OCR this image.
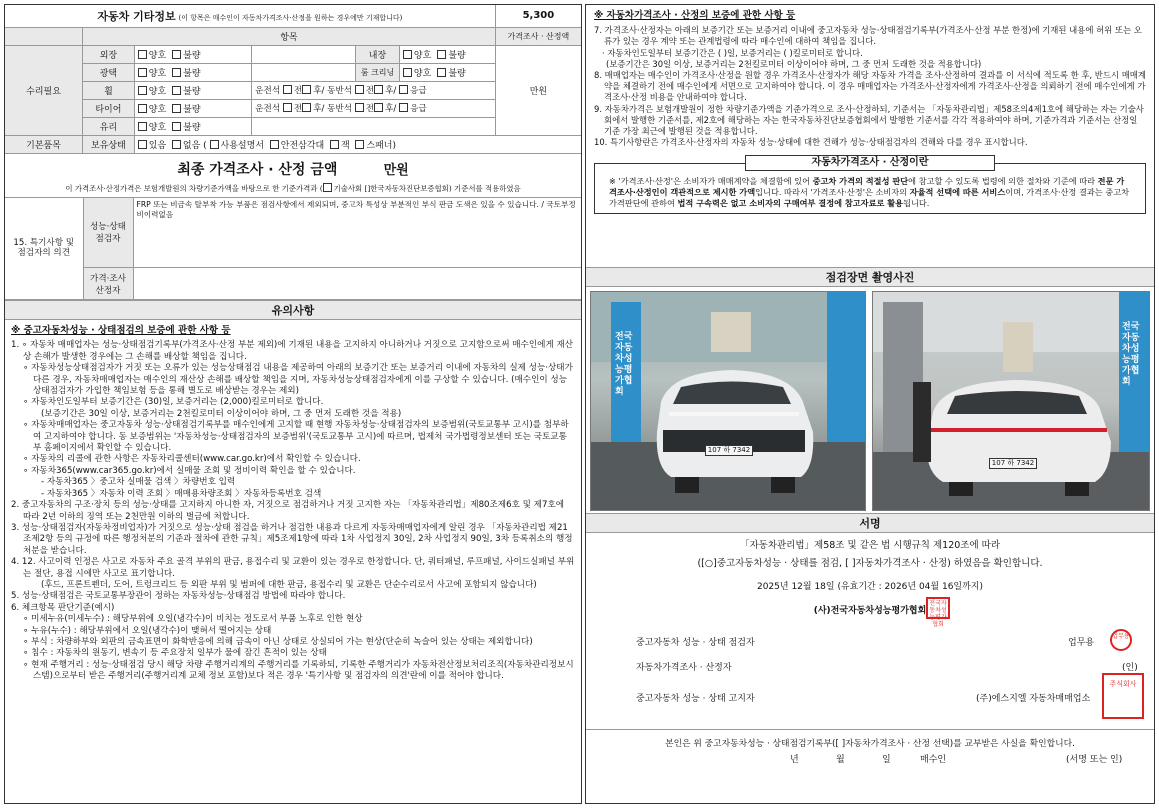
자동차 기타정보 (이 항목은 매수인이 자동차가격조사·산정을 원하는 경우에만 기재합니다)						5,300
	항목					가격조사 · 산정액
수리필요	외장	양호 불량		내장	양호 불량	만원
	광택	양호 불량		룸 크리닝	양호 불량	
	휠	양호 불량	운전석 전 후/ 동반석 전 후/ 응급			
	타이어	양호 불량	운전석 전 후/ 동반석 전 후/ 응급			
	유리	양호 불량				
기본품목	보유상태	있음 없음 ( 사용설명서 안전삼각대 잭 스패너)				
최종 가격조사 · 산정 금액	만원
이 가격조사·산정가격은 보험개발원의 차량기준가액을 바탕으로 한 기준가격과 ( 기술사회 []한국자동차진단보증협회) 기준서를 적용하였음
15. 특기사항 및 점검자의 의견	성능·상태 점검자	FRP 또는 비금속 탈부착 가능 부품은 점검사항에서 제외되며, 중고차 특성상 부분적인 부식 판금 도색은 있을 수 있습니다. / 국토부정비이력없음
	가격·조사 산정자	
유의사항
※ 중고자동차성능 · 상태점검의 보증에 관한 사항 등

1. ∘ 자동차 매매업자는 성능·상태점검기록부(가격조사·산정 부분 제외)에 기재된 내용을 고지하지 아니하거나 거짓으로 고지함으로써 매수인에게 재산상 손해가 발생한 경우에는 그 손해를 배상할 책임을 집니다.

∘ 자동차성능상태점검자가 거짓 또는 오류가 있는 성능상태점검 내용을 제공하여 아래의 보증기간 또는 보증거리 이내에 자동차의 실제 성능·상태가 다른 경우, 자동차매매업자는 매수인의 재산상 손해를 배상할 책임을 지며, 자동차성능상태점검자에게 이를 구상할 수 있습니다. (매수인이 성능상태점검자가 가입한 책임보험 등을 통해 별도로 배상받는 경우는 제외)

∘ 자동차인도일부터 보증기간은 (30)일, 보증거리는 (2,000)킬로미터로 합니다.

(보증기간은 30일 이상, 보증거리는 2천킬로미터 이상이어야 하며, 그 중 먼저 도래한 것을 적용)

∘ 자동차매매업자는 중고자동차 성능·상태점검기록부를 매수인에게 고지할 때 현행 자동차성능·상태점검자의 보증범위(국토교통부 고시)를 첨부하여 고지하여야 합니다. 동 보증범위는 '자동차성능·상태점검자의 보증범위'(국토교통부 고시)에 따르며, 법제처 국가법령정보센터 또는 국토교통부 홈페이지에서 확인할 수 있습니다.

∘ 자동차의 리콜에 관한 사항은 자동차리콜센터(www.car.go.kr)에서 확인할 수 있습니다.

∘ 자동차365(www.car365.go.kr)에서 실매물 조회 및 정비이력 확인을 할 수 있습니다.

- 자동차365 〉중고차 실매물 검색 〉차량번호 입력

- 자동차365 〉자동차 이력 조회 〉매매용차량조회 〉자동차등록번호 검색

2. 중고자동차의 구조·장치 등의 성능·상태를 고지하지 아니한 자, 거짓으로 점검하거나 거짓 고지한 자는 「자동차관리법」제80조제6호 및 제7호에 따라 2년 이하의 징역 또는 2천만원 이하의 벌금에 처합니다.

3. 성능·상태점검자(자동차정비업자)가 거짓으로 성능·상태 점검을 하거나 점검한 내용과 다르게 자동차매매업자에게 알린 경우 「자동차관리법 제21조제2항 등의 규정에 따른 행정처분의 기준과 절차에 관한 규칙」제5조제1항에 따라 1차 사업정지 30일, 2차 사업정지 90일, 3차 등록취소의 행정처분을 받습니다.

4. 12. 사고이력 인정은 사고로 자동차 주요 골격 부위의 판금, 용접수리 및 교환이 있는 경우로 한정합니다. 단, 쿼터패널, 루프패널, 사이드실패널 부위는 절단, 용접 시에만 사고로 표기합니다.

(후드, 프론트펜더, 도어, 트렁크리드 등 외판 부위 및 범퍼에 대한 판금, 용접수리 및 교환은 단순수리로서 사고에 포함되지 않습니다)

5. 성능·상태점검은 국토교통부장관이 정하는 자동차성능·상태점검 방법에 따라야 합니다.

6. 체크항목 판단기준(예시)

∘ 미세누유(미세누수) : 해당부위에 오일(냉각수)이 비치는 정도로서 부품 노후로 인한 현상

∘ 누유(누수) : 해당부위에서 오일(냉각수)이 맺혀서 떨어지는 상태

∘ 부식 : 차량하부와 외판의 금속표면이 화학반응에 의해 금속이 아닌 상태로 상실되어 가는 현상(단순히 녹슬어 있는 상태는 제외합니다)

∘ 침수 : 자동차의 원동기, 변속기 등 주요장치 일부가 물에 잠긴 흔적이 있는 상태

∘ 현재 주행거리 : 성능·상태점검 당시 해당 차량 주행거리계의 주행거리를 기록하되, 기록한 주행거리가 자동차전산정보처리조직(자동차관리정보시스템)으로부터 받은 주행거리(주행거리계 교체 정보 포함)보다 적은 경우 '특기사항 및 점검자의 의견'란에 이를 적어야 합니다.

※ 자동차가격조사 · 산정의 보증에 관한 사항 등

7. 가격조사·산정자는 아래의 보증기간 또는 보증거리 이내에 중고자동차 성능·상태점검기록부(가격조사·산정 부분 한정)에 기재된 내용에 허위 또는 오류가 있는 경우 계약 또는 관계법령에 따라 매수인에 대하여 책임을 집니다.

· 자동차인도일부터 보증기간은 ( )일, 보증거리는 ( )킬로미터로 합니다.

(보증기간은 30일 이상, 보증거리는 2천킬로미터 이상이어야 하며, 그 중 먼저 도래한 것을 적용합니다)

8. 매매업자는 매수인이 가격조사·산정을 원할 경우 가격조사·산정자가 해당 자동차 가격을 조사·산정하여 결과를 이 서식에 적도록 한 후, 반드시 매매계약을 체결하기 전에 매수인에게 서면으로 고지하여야 합니다. 이 경우 매매업자는 가격조사·산정자에게 가격조사·산정을 의뢰하기 전에 매수인에게 가격조사·산정 비용을 안내하여야 합니다.

9. 자동차가격은 보험개발원이 정한 차량기준가액을 기준가격으로 조사·산정하되, 기준서는 「자동차관리법」제58조의4제1호에 해당하는 자는 기술사회에서 발행한 기준서를, 제2호에 해당하는 자는 한국자동차진단보증협회에서 발행한 기준서를 각각 적용하여야 하며, 기준가격과 기준서는 산정일 기준 가장 최근에 발행된 것을 적용합니다.

10. 특기사항란은 가격조사·산정자의 자동차 성능·상태에 대한 견해가 성능·상태점검자의 견해와 다를 경우 표시합니다.

자동차가격조사 · 산정이란
※ '가격조사·산정'은 소비자가 매매계약을 체결함에 있어 중고차 가격의 적절성 판단에 참고할 수 있도록 법령에 의한 절차와 기준에 따라 전문 가격조사·산정인이 객관적으로 제시한 가액입니다. 따라서 '가격조사·산정'은 소비자의 자율적 선택에 따른 서비스이며, 가격조사·산정 결과는 중고차 가격판단에 관하여 법적 구속력은 없고 소비자의 구매여부 결정에 참고자료로 활용됩니다.
점검장면 촬영사진
107 하 7342
전국자동차성능평가협회
107 하 7342
전국자동차성능평가협회
서명
「자동차관리법」제58조 및 같은 법 시행규칙 제120조에 따라
([○]중고자동차성능 · 상태를 점검, [ ]자동차가격조사 · 산정) 하였음을 확인합니다.
2025년 12월 18일 (유효기간 : 2026년 04월 16일까지)
(사)전국자동차성능평가협회
전국자동차성능평가협회
중고자동차 성능 · 상태 점검자	업무용
업무용
자동차가격조사 · 산정자	(인)
중고자동차 성능 · 상태 고지자	(주)에스지엘 자동차매매업소
주식회사
본인은 위 중고자동차성능 · 상태점검기록부([ ]자동차가격조사 · 산정 선택)를 교부받은 사실을 확인합니다.
년	월	일	매수인	(서명 또는 인)
